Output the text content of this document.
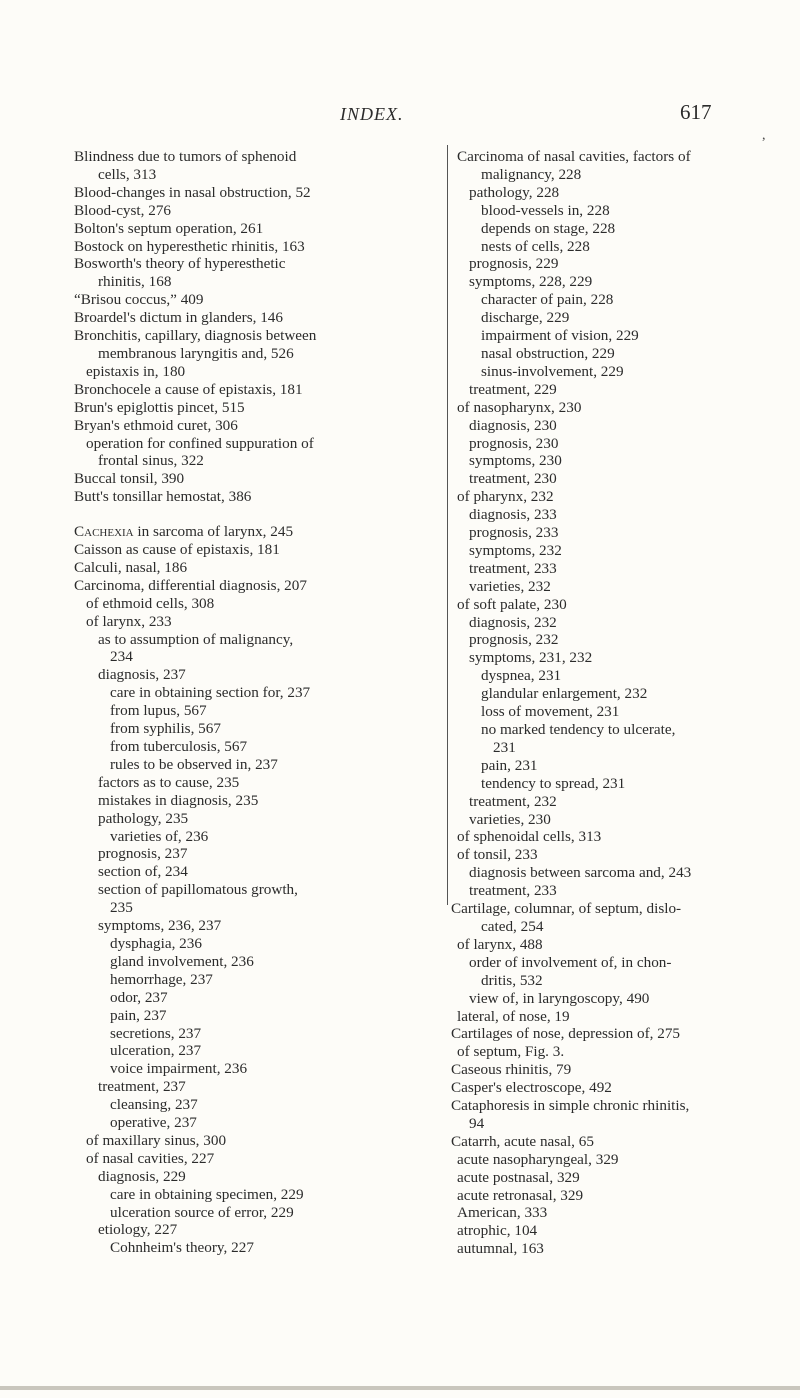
INDEX.	617
,
Blindness due to tumors of sphenoid
cells, 313
Blood-changes in nasal obstruction, 52
Blood-cyst, 276
Bolton's septum operation, 261
Bostock on hyperesthetic rhinitis, 163
Bosworth's theory of hyperesthetic
rhinitis, 168
“Brisou coccus,” 409
Broardel's dictum in glanders, 146
Bronchitis, capillary, diagnosis between
membranous laryngitis and, 526
epistaxis in, 180
Bronchocele a cause of epistaxis, 181
Brun's epiglottis pincet, 515
Bryan's ethmoid curet, 306
operation for confined suppuration of
frontal sinus, 322
Buccal tonsil, 390
Butt's tonsillar hemostat, 386
Cachexia in sarcoma of larynx, 245
Caisson as cause of epistaxis, 181
Calculi, nasal, 186
Carcinoma, differential diagnosis, 207
of ethmoid cells, 308
of larynx, 233
as to assumption of malignancy,
234
diagnosis, 237
care in obtaining section for, 237
from lupus, 567
from syphilis, 567
from tuberculosis, 567
rules to be observed in, 237
factors as to cause, 235
mistakes in diagnosis, 235
pathology, 235
varieties of, 236
prognosis, 237
section of, 234
section of papillomatous growth,
235
symptoms, 236, 237
dysphagia, 236
gland involvement, 236
hemorrhage, 237
odor, 237
pain, 237
secretions, 237
ulceration, 237
voice impairment, 236
treatment, 237
cleansing, 237
operative, 237
of maxillary sinus, 300
of nasal cavities, 227
diagnosis, 229
care in obtaining specimen, 229
ulceration source of error, 229
etiology, 227
Cohnheim's theory, 227
Carcinoma of nasal cavities, factors of
malignancy, 228
pathology, 228
blood-vessels in, 228
depends on stage, 228
nests of cells, 228
prognosis, 229
symptoms, 228, 229
character of pain, 228
discharge, 229
impairment of vision, 229
nasal obstruction, 229
sinus-involvement, 229
treatment, 229
of nasopharynx, 230
diagnosis, 230
prognosis, 230
symptoms, 230
treatment, 230
of pharynx, 232
diagnosis, 233
prognosis, 233
symptoms, 232
treatment, 233
varieties, 232
of soft palate, 230
diagnosis, 232
prognosis, 232
symptoms, 231, 232
dyspnea, 231
glandular enlargement, 232
loss of movement, 231
no marked tendency to ulcerate,
231
pain, 231
tendency to spread, 231
treatment, 232
varieties, 230
of sphenoidal cells, 313
of tonsil, 233
diagnosis between sarcoma and, 243
treatment, 233
Cartilage, columnar, of septum, dislo-
cated, 254
of larynx, 488
order of involvement of, in chon-
dritis, 532
view of, in laryngoscopy, 490
lateral, of nose, 19
Cartilages of nose, depression of, 275
of septum, Fig. 3.
Caseous rhinitis, 79
Casper's electroscope, 492
Cataphoresis in simple chronic rhinitis,
94
Catarrh, acute nasal, 65
acute nasopharyngeal, 329
acute postnasal, 329
acute retronasal, 329
American, 333
atrophic, 104
autumnal, 163
